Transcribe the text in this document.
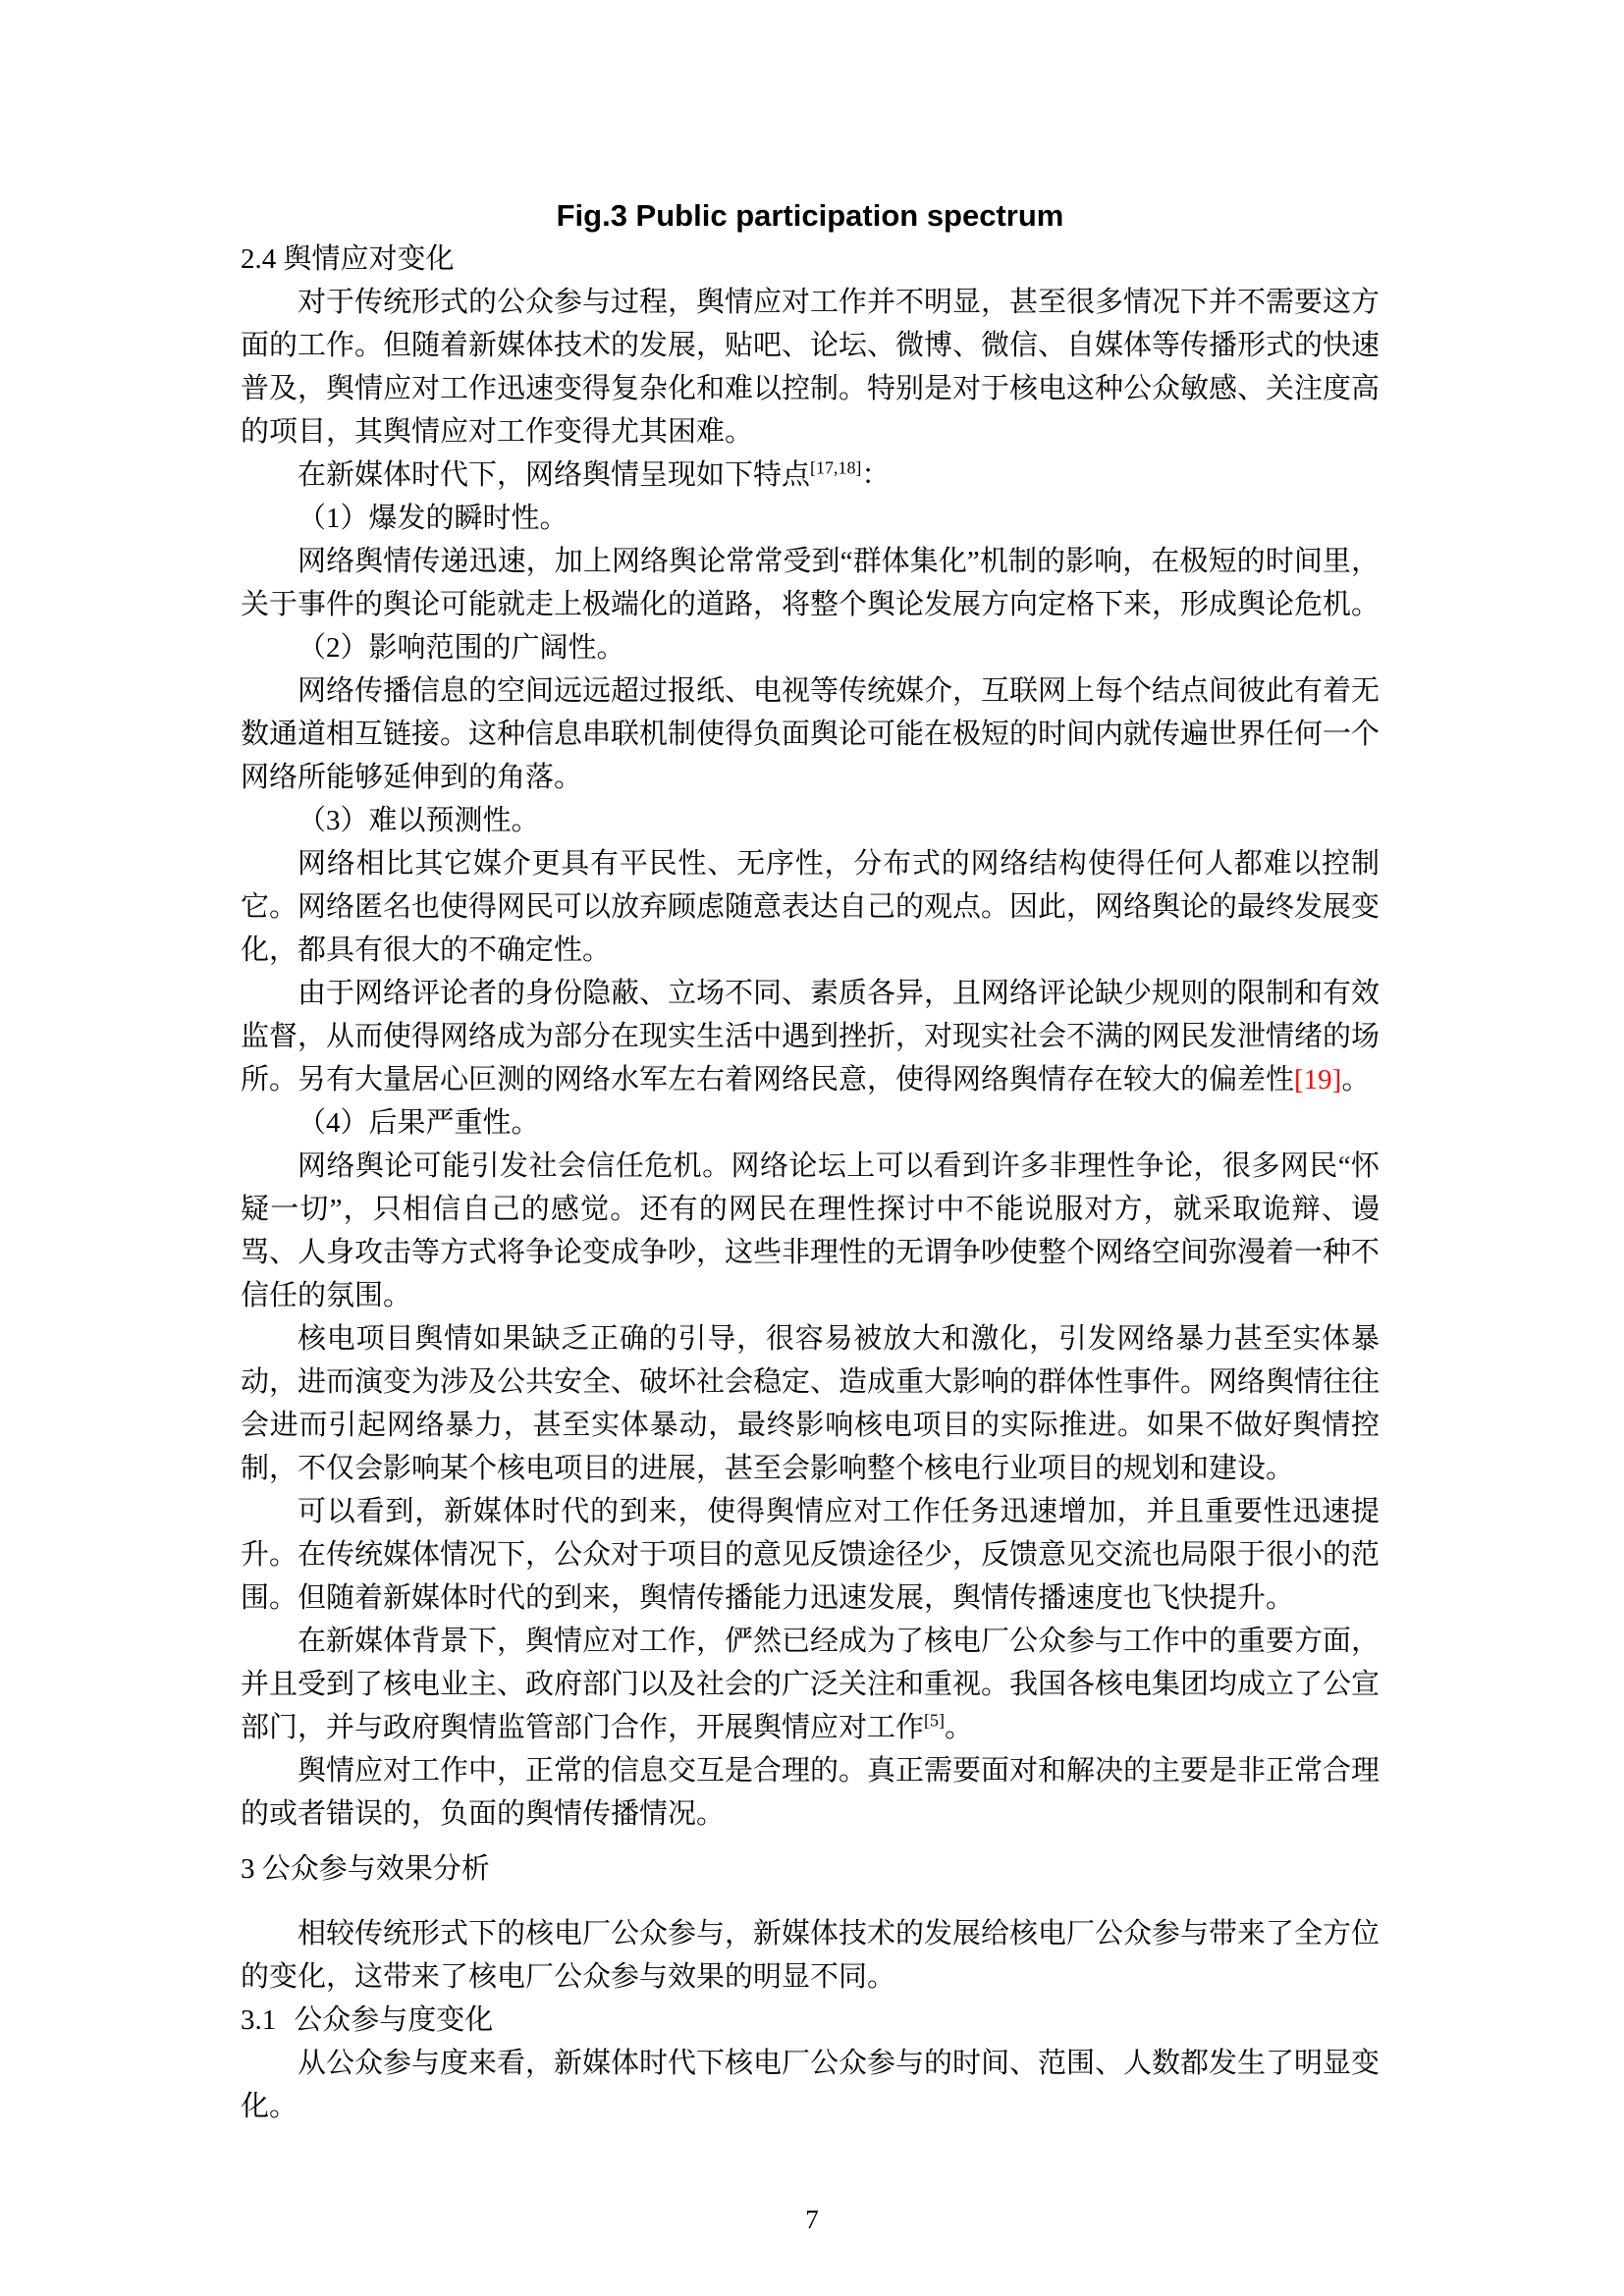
Fig.3 Public participation spectrum

2.4 舆情应对变化

对于传统形式的公众参与过程，舆情应对工作并不明显，甚至很多情况下并不需要这方面的工作。但随着新媒体技术的发展，贴吧、论坛、微博、微信、自媒体等传播形式的快速普及，舆情应对工作迅速变得复杂化和难以控制。特别是对于核电这种公众敏感、关注度高的项目，其舆情应对工作变得尤其困难。

在新媒体时代下，网络舆情呈现如下特点[17,18]：

（1）爆发的瞬时性。

网络舆情传递迅速，加上网络舆论常常受到“群体集化”机制的影响，在极短的时间里，关于事件的舆论可能就走上极端化的道路，将整个舆论发展方向定格下来，形成舆论危机。

（2）影响范围的广阔性。

网络传播信息的空间远远超过报纸、电视等传统媒介，互联网上每个结点间彼此有着无数通道相互链接。这种信息串联机制使得负面舆论可能在极短的时间内就传遍世界任何一个网络所能够延伸到的角落。

（3）难以预测性。

网络相比其它媒介更具有平民性、无序性，分布式的网络结构使得任何人都难以控制它。网络匿名也使得网民可以放弃顾虑随意表达自己的观点。因此，网络舆论的最终发展变化，都具有很大的不确定性。

由于网络评论者的身份隐蔽、立场不同、素质各异，且网络评论缺少规则的限制和有效监督，从而使得网络成为部分在现实生活中遇到挫折，对现实社会不满的网民发泄情绪的场所。另有大量居心叵测的网络水军左右着网络民意，使得网络舆情存在较大的偏差性[19]。

（4）后果严重性。

网络舆论可能引发社会信任危机。网络论坛上可以看到许多非理性争论，很多网民“怀疑一切”，只相信自己的感觉。还有的网民在理性探讨中不能说服对方，就采取诡辩、谩骂、人身攻击等方式将争论变成争吵，这些非理性的无谓争吵使整个网络空间弥漫着一种不信任的氛围。

核电项目舆情如果缺乏正确的引导，很容易被放大和激化，引发网络暴力甚至实体暴动，进而演变为涉及公共安全、破坏社会稳定、造成重大影响的群体性事件。网络舆情往往会进而引起网络暴力，甚至实体暴动，最终影响核电项目的实际推进。如果不做好舆情控制，不仅会影响某个核电项目的进展，甚至会影响整个核电行业项目的规划和建设。

可以看到，新媒体时代的到来，使得舆情应对工作任务迅速增加，并且重要性迅速提升。在传统媒体情况下，公众对于项目的意见反馈途径少，反馈意见交流也局限于很小的范围。但随着新媒体时代的到来，舆情传播能力迅速发展，舆情传播速度也飞快提升。

在新媒体背景下，舆情应对工作，俨然已经成为了核电厂公众参与工作中的重要方面，并且受到了核电业主、政府部门以及社会的广泛关注和重视。我国各核电集团均成立了公宣部门，并与政府舆情监管部门合作，开展舆情应对工作[5]。

舆情应对工作中，正常的信息交互是合理的。真正需要面对和解决的主要是非正常合理的或者错误的，负面的舆情传播情况。

3 公众参与效果分析

相较传统形式下的核电厂公众参与，新媒体技术的发展给核电厂公众参与带来了全方位的变化，这带来了核电厂公众参与效果的明显不同。

3.1 公众参与度变化

从公众参与度来看，新媒体时代下核电厂公众参与的时间、范围、人数都发生了明显变化。

7
